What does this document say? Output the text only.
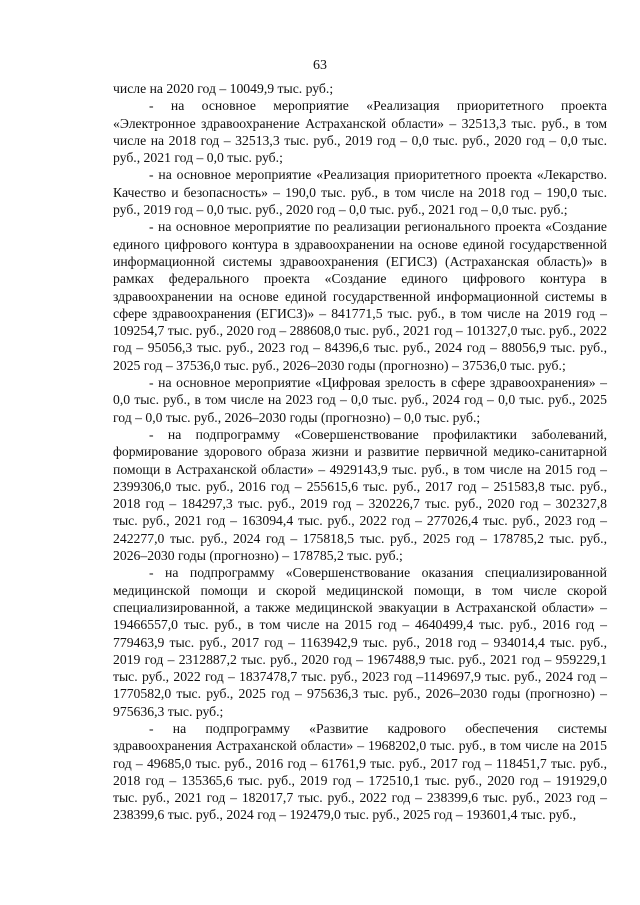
63

числе на 2020 год – 10049,9 тыс. руб.;

- на основное мероприятие «Реализация приоритетного проекта «Электронное здравоохранение Астраханской области» – 32513,3 тыс. руб., в том числе на 2018 год – 32513,3 тыс. руб., 2019 год – 0,0 тыс. руб., 2020 год – 0,0 тыс. руб., 2021 год – 0,0 тыс. руб.;

- на основное мероприятие «Реализация приоритетного проекта «Лекарство. Качество и безопасность» – 190,0 тыс. руб., в том числе на 2018 год – 190,0 тыс. руб., 2019 год – 0,0 тыс. руб., 2020 год – 0,0 тыс. руб., 2021 год – 0,0 тыс. руб.;

- на основное мероприятие по реализации регионального проекта «Создание единого цифрового контура в здравоохранении на основе единой государственной информационной системы здравоохранения (ЕГИСЗ) (Астраханская область)» в рамках федерального проекта «Создание единого цифрового контура в здравоохранении на основе единой государственной информационной системы в сфере здравоохранения (ЕГИСЗ)» – 841771,5 тыс. руб., в том числе на 2019 год – 109254,7 тыс. руб., 2020 год – 288608,0 тыс. руб., 2021 год – 101327,0 тыс. руб., 2022 год – 95056,3 тыс. руб., 2023 год – 84396,6 тыс. руб., 2024 год – 88056,9 тыс. руб., 2025 год – 37536,0 тыс. руб., 2026–2030 годы (прогнозно) – 37536,0 тыс. руб.;

- на основное мероприятие «Цифровая зрелость в сфере здравоохранения» – 0,0 тыс. руб., в том числе на 2023 год – 0,0 тыс. руб., 2024 год – 0,0 тыс. руб., 2025 год – 0,0 тыс. руб., 2026–2030 годы (прогнозно) – 0,0 тыс. руб.;

- на подпрограмму «Совершенствование профилактики заболеваний, формирование здорового образа жизни и развитие первичной медико-санитарной помощи в Астраханской области» – 4929143,9 тыс. руб., в том числе на 2015 год – 2399306,0 тыс. руб., 2016 год – 255615,6 тыс. руб., 2017 год – 251583,8 тыс. руб., 2018 год – 184297,3 тыс. руб., 2019 год – 320226,7 тыс. руб., 2020 год – 302327,8 тыс. руб., 2021 год – 163094,4 тыс. руб., 2022 год – 277026,4 тыс. руб., 2023 год – 242277,0 тыс. руб., 2024 год – 175818,5 тыс. руб., 2025 год – 178785,2 тыс. руб., 2026–2030 годы (прогнозно) – 178785,2 тыс. руб.;

- на подпрограмму «Совершенствование оказания специализированной медицинской помощи и скорой медицинской помощи, в том числе скорой специализированной, а также медицинской эвакуации в Астраханской области» – 19466557,0 тыс. руб., в том числе на 2015 год – 4640499,4 тыс. руб., 2016 год – 779463,9 тыс. руб., 2017 год – 1163942,9 тыс. руб., 2018 год – 934014,4 тыс. руб., 2019 год – 2312887,2 тыс. руб., 2020 год – 1967488,9 тыс. руб., 2021 год – 959229,1 тыс. руб., 2022 год – 1837478,7 тыс. руб., 2023 год –1149697,9 тыс. руб., 2024 год – 1770582,0 тыс. руб., 2025 год – 975636,3 тыс. руб., 2026–2030 годы (прогнозно) – 975636,3 тыс. руб.;

- на подпрограмму «Развитие кадрового обеспечения системы здравоохранения Астраханской области» – 1968202,0 тыс. руб., в том числе на 2015 год – 49685,0 тыс. руб., 2016 год – 61761,9 тыс. руб., 2017 год – 118451,7 тыс. руб., 2018 год – 135365,6 тыс. руб., 2019 год – 172510,1 тыс. руб., 2020 год – 191929,0 тыс. руб., 2021 год – 182017,7 тыс. руб., 2022 год – 238399,6 тыс. руб., 2023 год – 238399,6 тыс. руб., 2024 год – 192479,0 тыс. руб., 2025 год – 193601,4 тыс. руб.,
